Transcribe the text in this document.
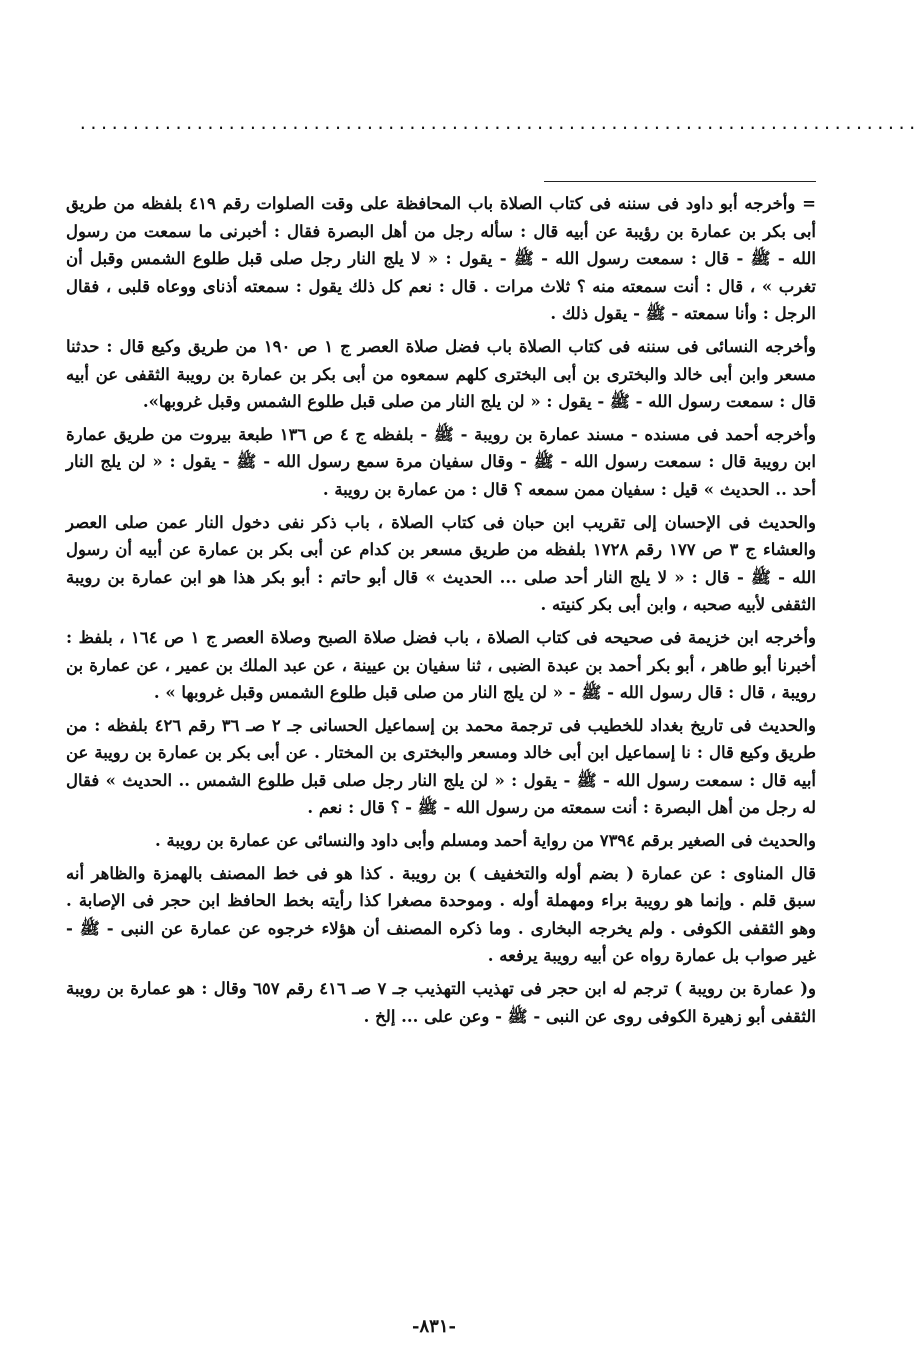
...............................................................................

= وأخرجه أبو داود فى سننه فى كتاب الصلاة باب المحافظة على وقت الصلوات رقم ٤١٩ بلفظه من طريق أبى بكر بن عمارة بن رؤيبة عن أبيه قال : سأله رجل من أهل البصرة فقال : أخبرنى ما سمعت من رسول الله - ﷺ - قال : سمعت رسول الله - ﷺ - يقول : « لا يلج النار رجل صلى قبل طلوع الشمس وقبل أن تغرب » ، قال : أنت سمعته منه ؟ ثلاث مرات . قال : نعم كل ذلك يقول : سمعته أذناى ووعاه قلبى ، فقال الرجل : وأنا سمعته - ﷺ - يقول ذلك .

وأخرجه النسائى فى سننه فى كتاب الصلاة باب فضل صلاة العصر ج ١ ص ١٩٠ من طريق وكيع قال : حدثنا مسعر وابن أبى خالد والبخترى بن أبى البخترى كلهم سمعوه من أبى بكر بن عمارة بن رويبة الثقفى عن أبيه قال : سمعت رسول الله - ﷺ - يقول : « لن يلج النار من صلى قبل طلوع الشمس وقبل غروبها».

وأخرجه أحمد فى مسنده - مسند عمارة بن رويبة - ﷺ - بلفظه ج ٤ ص ١٣٦ طبعة بيروت من طريق عمارة ابن رويبة قال : سمعت رسول الله - ﷺ - وقال سفيان مرة سمع رسول الله - ﷺ - يقول : « لن يلج النار أحد .. الحديث » قيل : سفيان ممن سمعه ؟ قال : من عمارة بن رويبة .

والحديث فى الإحسان إلى تقريب ابن حبان فى كتاب الصلاة ، باب ذكر نفى دخول النار عمن صلى العصر والعشاء ج ٣ ص ١٧٧ رقم ١٧٢٨ بلفظه من طريق مسعر بن كدام عن أبى بكر بن عمارة عن أبيه أن رسول الله - ﷺ - قال : « لا يلج النار أحد صلى ... الحديث » قال أبو حاتم : أبو بكر هذا هو ابن عمارة بن رويبة الثقفى لأبيه صحبه ، وابن أبى بكر كنيته .

وأخرجه ابن خزيمة فى صحيحه فى كتاب الصلاة ، باب فضل صلاة الصبح وصلاة العصر ج ١ ص ١٦٤ ، بلفظ : أخبرنا أبو طاهر ، أبو بكر أحمد بن عبدة الضبى ، ثنا سفيان بن عيينة ، عن عبد الملك بن عمير ، عن عمارة بن رويبة ، قال : قال رسول الله - ﷺ - « لن يلج النار من صلى قبل طلوع الشمس وقبل غروبها » .

والحديث فى تاريخ بغداد للخطيب فى ترجمة محمد بن إسماعيل الحسانى جـ ٢ صـ ٣٦ رقم ٤٢٦ بلفظه : من طريق وكيع قال : نا إسماعيل ابن أبى خالد ومسعر والبخترى بن المختار . عن أبى بكر بن عمارة بن رويبة عن أبيه قال : سمعت رسول الله - ﷺ - يقول : « لن يلج النار رجل صلى قبل طلوع الشمس .. الحديث » فقال له رجل من أهل البصرة : أنت سمعته من رسول الله - ﷺ - ؟ قال : نعم .

والحديث فى الصغير برقم ٧٣٩٤ من رواية أحمد ومسلم وأبى داود والنسائى عن عمارة بن رويبة .

قال المناوى : عن عمارة ( بضم أوله والتخفيف ) بن رويبة . كذا هو فى خط المصنف بالهمزة والظاهر أنه سبق قلم . وإنما هو رويبة براء ومهملة أوله . وموحدة مصغرا كذا رأيته بخط الحافظ ابن حجر فى الإصابة . وهو الثقفى الكوفى . ولم يخرجه البخارى . وما ذكره المصنف أن هؤلاء خرجوه عن عمارة عن النبى - ﷺ - غير صواب بل عمارة رواه عن أبيه رويبة يرفعه .

و( عمارة بن رويبة ) ترجم له ابن حجر فى تهذيب التهذيب جـ ٧ صـ ٤١٦ رقم ٦٥٧ وقال : هو عمارة بن رويبة الثقفى أبو زهيرة الكوفى روى عن النبى - ﷺ - وعن على ... إلخ .

-٨٣١-
